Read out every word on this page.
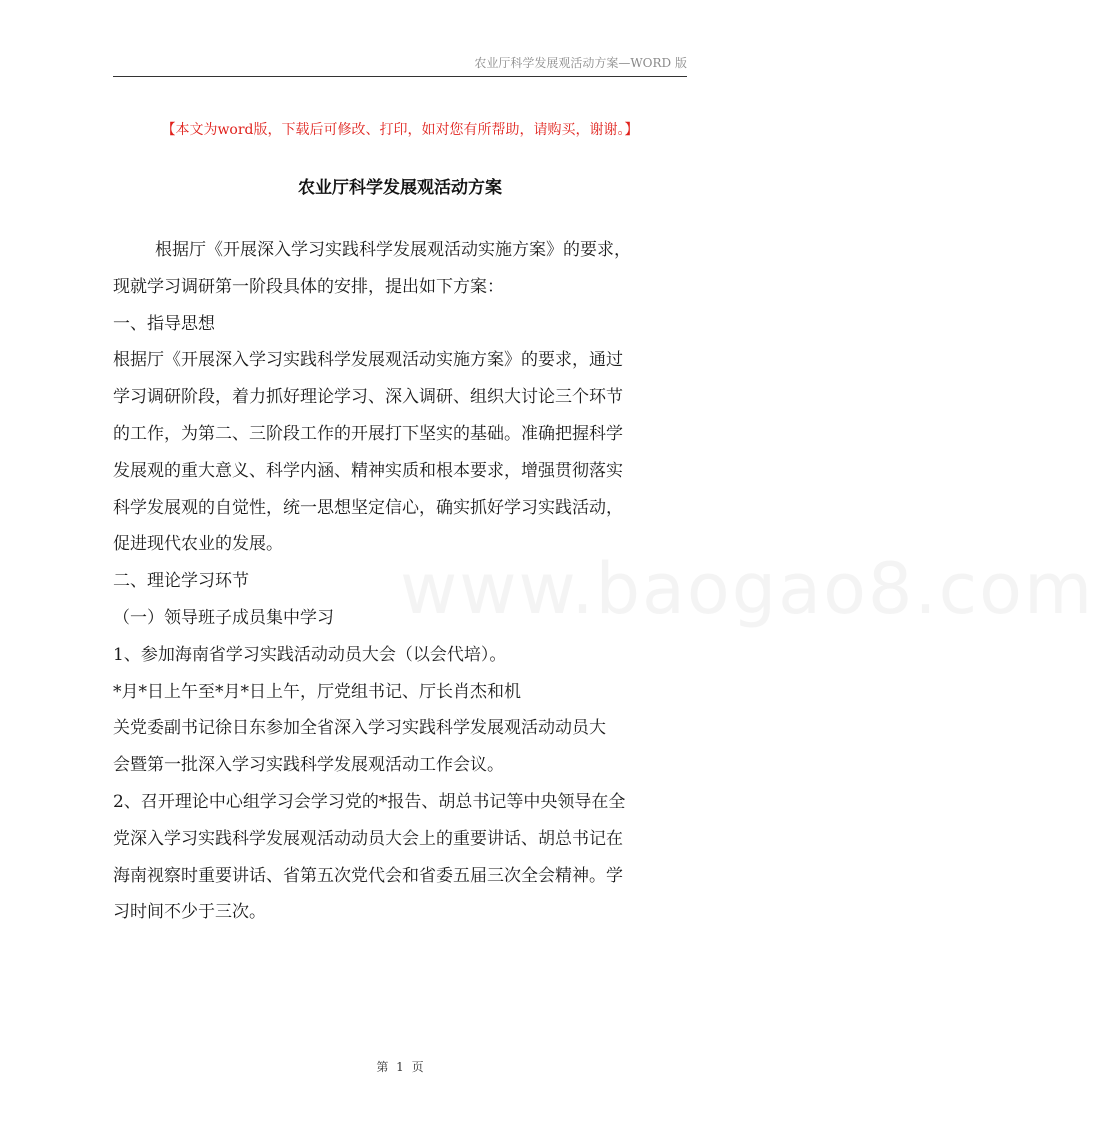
农业厅科学发展观活动方案—WORD 版
www.baogao8.com
【本文为word版，下载后可修改、打印，如对您有所帮助，请购买，谢谢。】
农业厅科学发展观活动方案
根据厅《开展深入学习实践科学发展观活动实施方案》的要求，
现就学习调研第一阶段具体的安排，提出如下方案：
一、指导思想
根据厅《开展深入学习实践科学发展观活动实施方案》的要求，通过
学习调研阶段，着力抓好理论学习、深入调研、组织大讨论三个环节
的工作，为第二、三阶段工作的开展打下坚实的基础。准确把握科学
发展观的重大意义、科学内涵、精神实质和根本要求，增强贯彻落实
科学发展观的自觉性，统一思想坚定信心，确实抓好学习实践活动，
促进现代农业的发展。
二、理论学习环节
（一）领导班子成员集中学习
1、参加海南省学习实践活动动员大会（以会代培）。
*月*日上午至*月*日上午，厅党组书记、厅长肖杰和机
关党委副书记徐日东参加全省深入学习实践科学发展观活动动员大
会暨第一批深入学习实践科学发展观活动工作会议。
2、召开理论中心组学习会学习党的*报告、胡总书记等中央领导在全
党深入学习实践科学发展观活动动员大会上的重要讲话、胡总书记在
海南视察时重要讲话、省第五次党代会和省委五届三次全会精神。学
习时间不少于三次。
第 1 页
